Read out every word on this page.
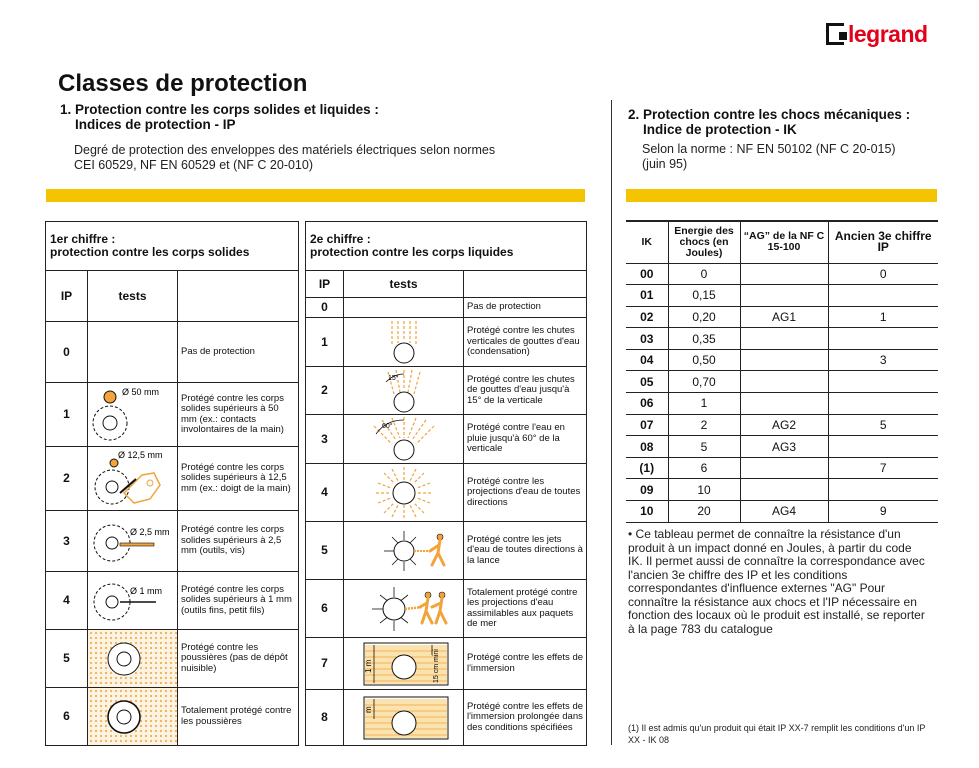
legrand
Classes de protection
1. Protection contre les corps solides et liquides :
Indices de protection - IP
Degré de protection des enveloppes des matériels électriques selon normes
CEI 60529, NF EN 60529 et (NF C 20-010)
2. Protection contre les chocs mécaniques :
Indice de protection - IK
Selon la norme : NF EN 50102 (NF C 20-015)
(juin 95)
1er chiffre :
protection contre les corps solides		

IP	tests	
0		Pas de protection
1	Ø 50 mm	Protégé contre les corps solides supérieurs à 50 mm (ex.: contacts involontaires de la main)
2	Ø 12,5 mm	Protégé contre les corps solides supérieurs à 12,5 mm (ex.: doigt de la main)
3	Ø 2,5 mm	Protégé contre les corps solides supérieurs à 2,5 mm (outils, vis)
4	Ø 1 mm	Protégé contre les corps solides supérieurs à 1 mm (outils fins, petit fils)
5		Protégé contre les poussières (pas de dépôt nuisible)
6		Totalement protégé contre les poussières
2e chiffre :
protection contre les corps liquides		

IP	tests	
0		Pas de protection
1		Protégé contre les chutes verticales de gouttes d'eau (condensation)
2	15°	Protégé contre les chutes de gouttes d'eau jusqu'à 15° de la verticale
3	60°	Protégé contre l'eau en pluie jusqu'à 60° de la verticale
4		Protégé contre les projections d'eau de toutes directions
5		Protégé contre les jets d'eau de toutes directions à la lance
6		Totalement protégé contre les projections d'eau assimilables aux paquets de mer
7	1 m 15 cm mini	Protégé contre les effets de l'immersion
8	m	Protégé contre les effets de l'immersion prolongée dans des conditions spécifiées
IK	Energie des chocs (en Joules)	“AG” de la NF C 15-100	Ancien 3e chiffre IP
00	0		0
01	0,15		
02	0,20	AG1	1
03	0,35		
04	0,50		3
05	0,70		
06	1		
07	2	AG2	5
08	5	AG3	
(1)	6		7
09	10		
10	20	AG4	9
• Ce tableau permet de connaître la résistance d'un produit à un impact donné en Joules, à partir du code IK. Il permet aussi de connaître la correspondance avec l'ancien 3e chiffre des IP et les conditions correspondantes d'influence externes "AG" Pour connaître la résistance aux chocs et l'IP nécessaire en fonction des locaux où le produit est installé, se reporter à la page 783 du catalogue
(1) Il est admis qu'un produit qui était IP XX-7 remplit les conditions d'un IP XX - IK 08
